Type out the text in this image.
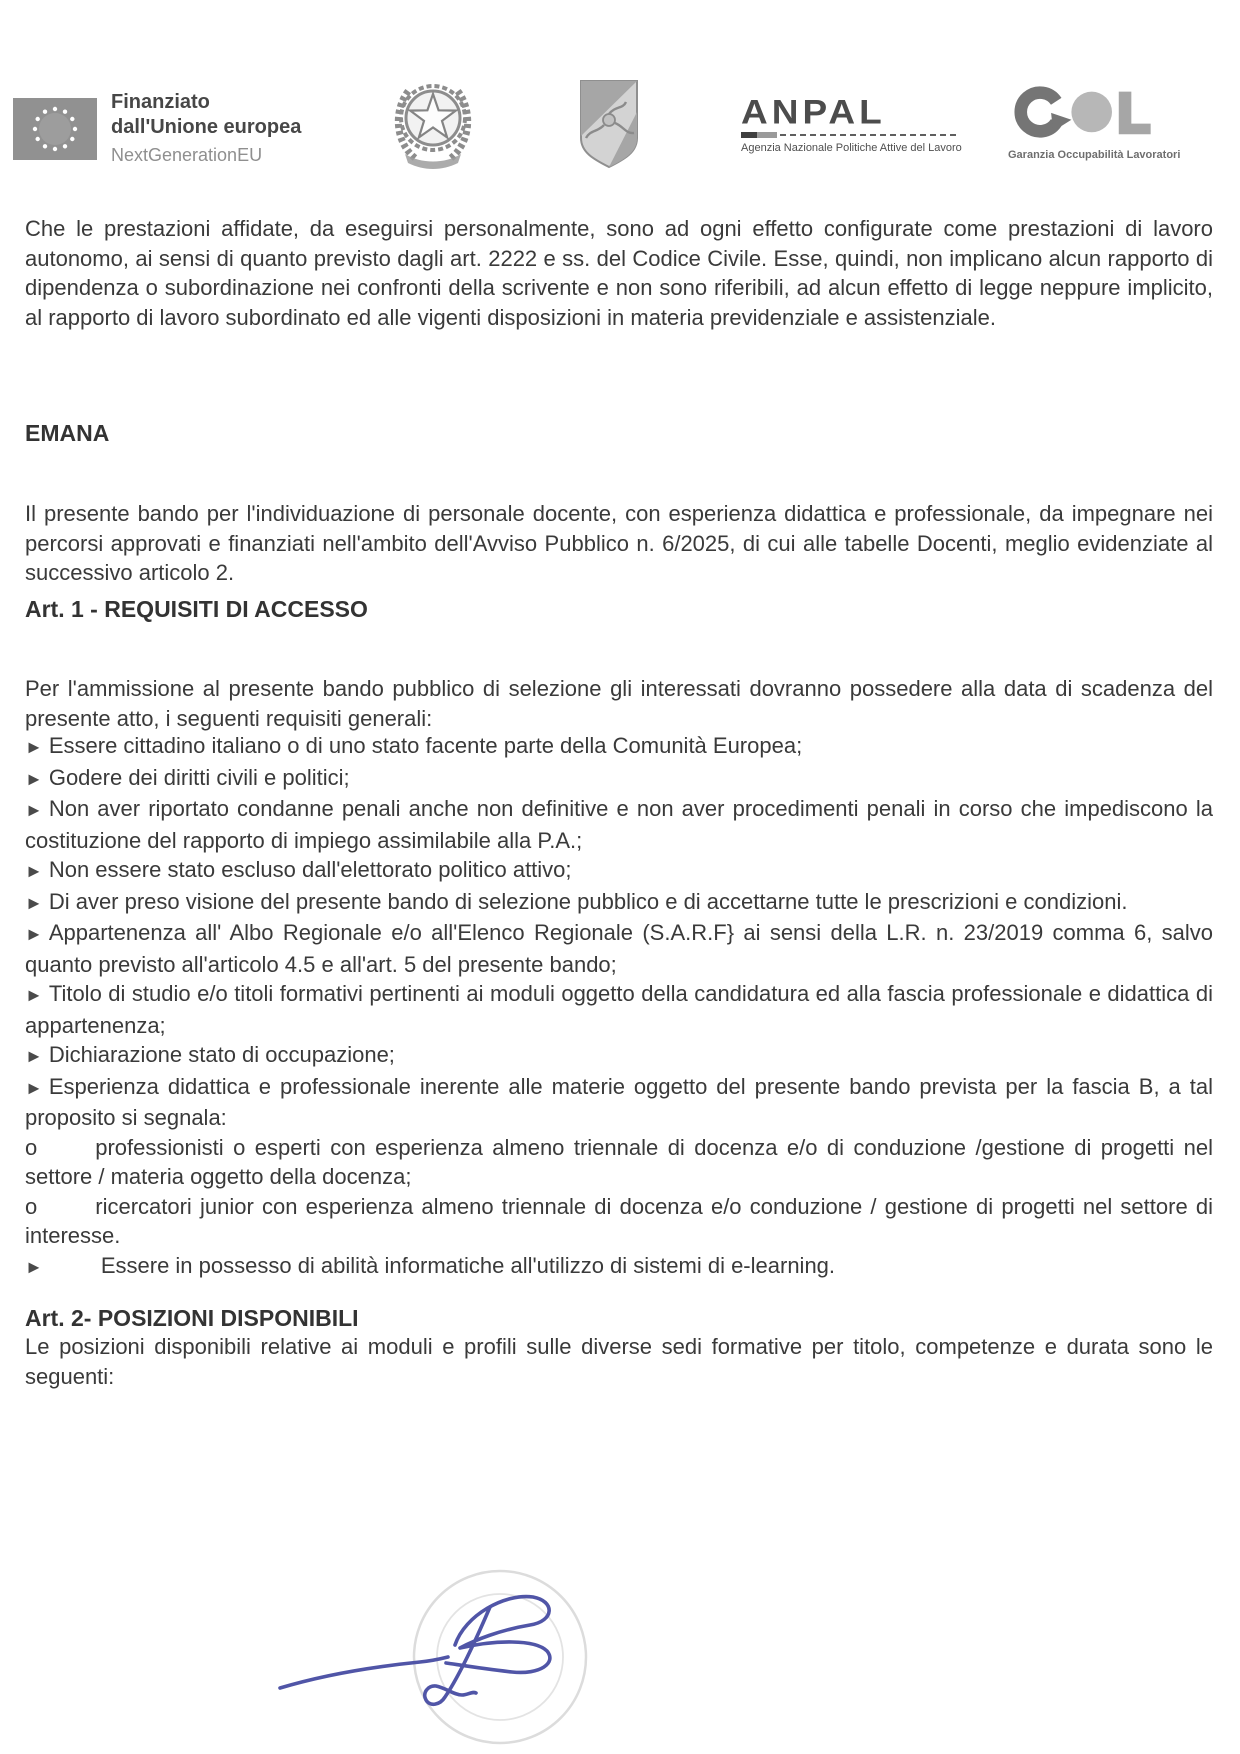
Finanziato
dall'Unione europea
NextGenerationEU
ANPAL
Agenzia Nazionale Politiche Attive del Lavoro
Garanzia Occupabilità Lavoratori

Che le prestazioni affidate, da eseguirsi personalmente, sono ad ogni effetto configurate come prestazioni di lavoro autonomo, ai sensi di quanto previsto dagli art. 2222 e ss. del Codice Civile. Esse, quindi, non implicano alcun rapporto di dipendenza o subordinazione nei confronti della scrivente e non sono riferibili, ad alcun effetto di legge neppure implicito, al rapporto di lavoro subordinato ed alle vigenti disposizioni in materia previdenziale e assistenziale.

EMANA

Il presente bando per l'individuazione di personale docente, con esperienza didattica e professionale, da impegnare nei percorsi approvati e finanziati nell'ambito dell'Avviso Pubblico n. 6/2025, di cui alle tabelle Docenti, meglio evidenziate al successivo articolo 2.

Art. 1 - REQUISITI DI ACCESSO

Per l'ammissione al presente bando pubblico di selezione gli interessati dovranno possedere alla data di scadenza del presente atto, i seguenti requisiti generali:

► Essere cittadino italiano o di uno stato facente parte della Comunità Europea;

► Godere dei diritti civili e politici;

► Non aver riportato condanne penali anche non definitive e non aver procedimenti penali in corso che impediscono la costituzione del rapporto di impiego assimilabile alla P.A.;

► Non essere stato escluso dall'elettorato politico attivo;

► Di aver preso visione del presente bando di selezione pubblico e di accettarne tutte le prescrizioni e condizioni.

► Appartenenza all' Albo Regionale e/o all'Elenco Regionale (S.A.R.F} ai sensi della L.R. n. 23/2019 comma 6, salvo quanto previsto all'articolo 4.5 e all'art. 5 del presente bando;

► Titolo di studio e/o titoli formativi pertinenti ai moduli oggetto della candidatura ed alla fascia professionale e didattica di appartenenza;

► Dichiarazione stato di occupazione;

► Esperienza didattica e professionale inerente alle materie oggetto del presente bando prevista per la fascia B, a tal proposito si segnala:

o	professionisti o esperti con esperienza almeno triennale di docenza e/o di conduzione /gestione di progetti nel settore / materia oggetto della docenza;

o	ricercatori junior con esperienza almeno triennale di docenza e/o conduzione / gestione di progetti nel settore di interesse.

►	Essere in possesso di abilità informatiche all'utilizzo di sistemi di e-learning.

Art. 2- POSIZIONI DISPONIBILI

Le posizioni disponibili relative ai moduli e profili sulle diverse sedi formative per titolo, competenze e durata sono le seguenti:
